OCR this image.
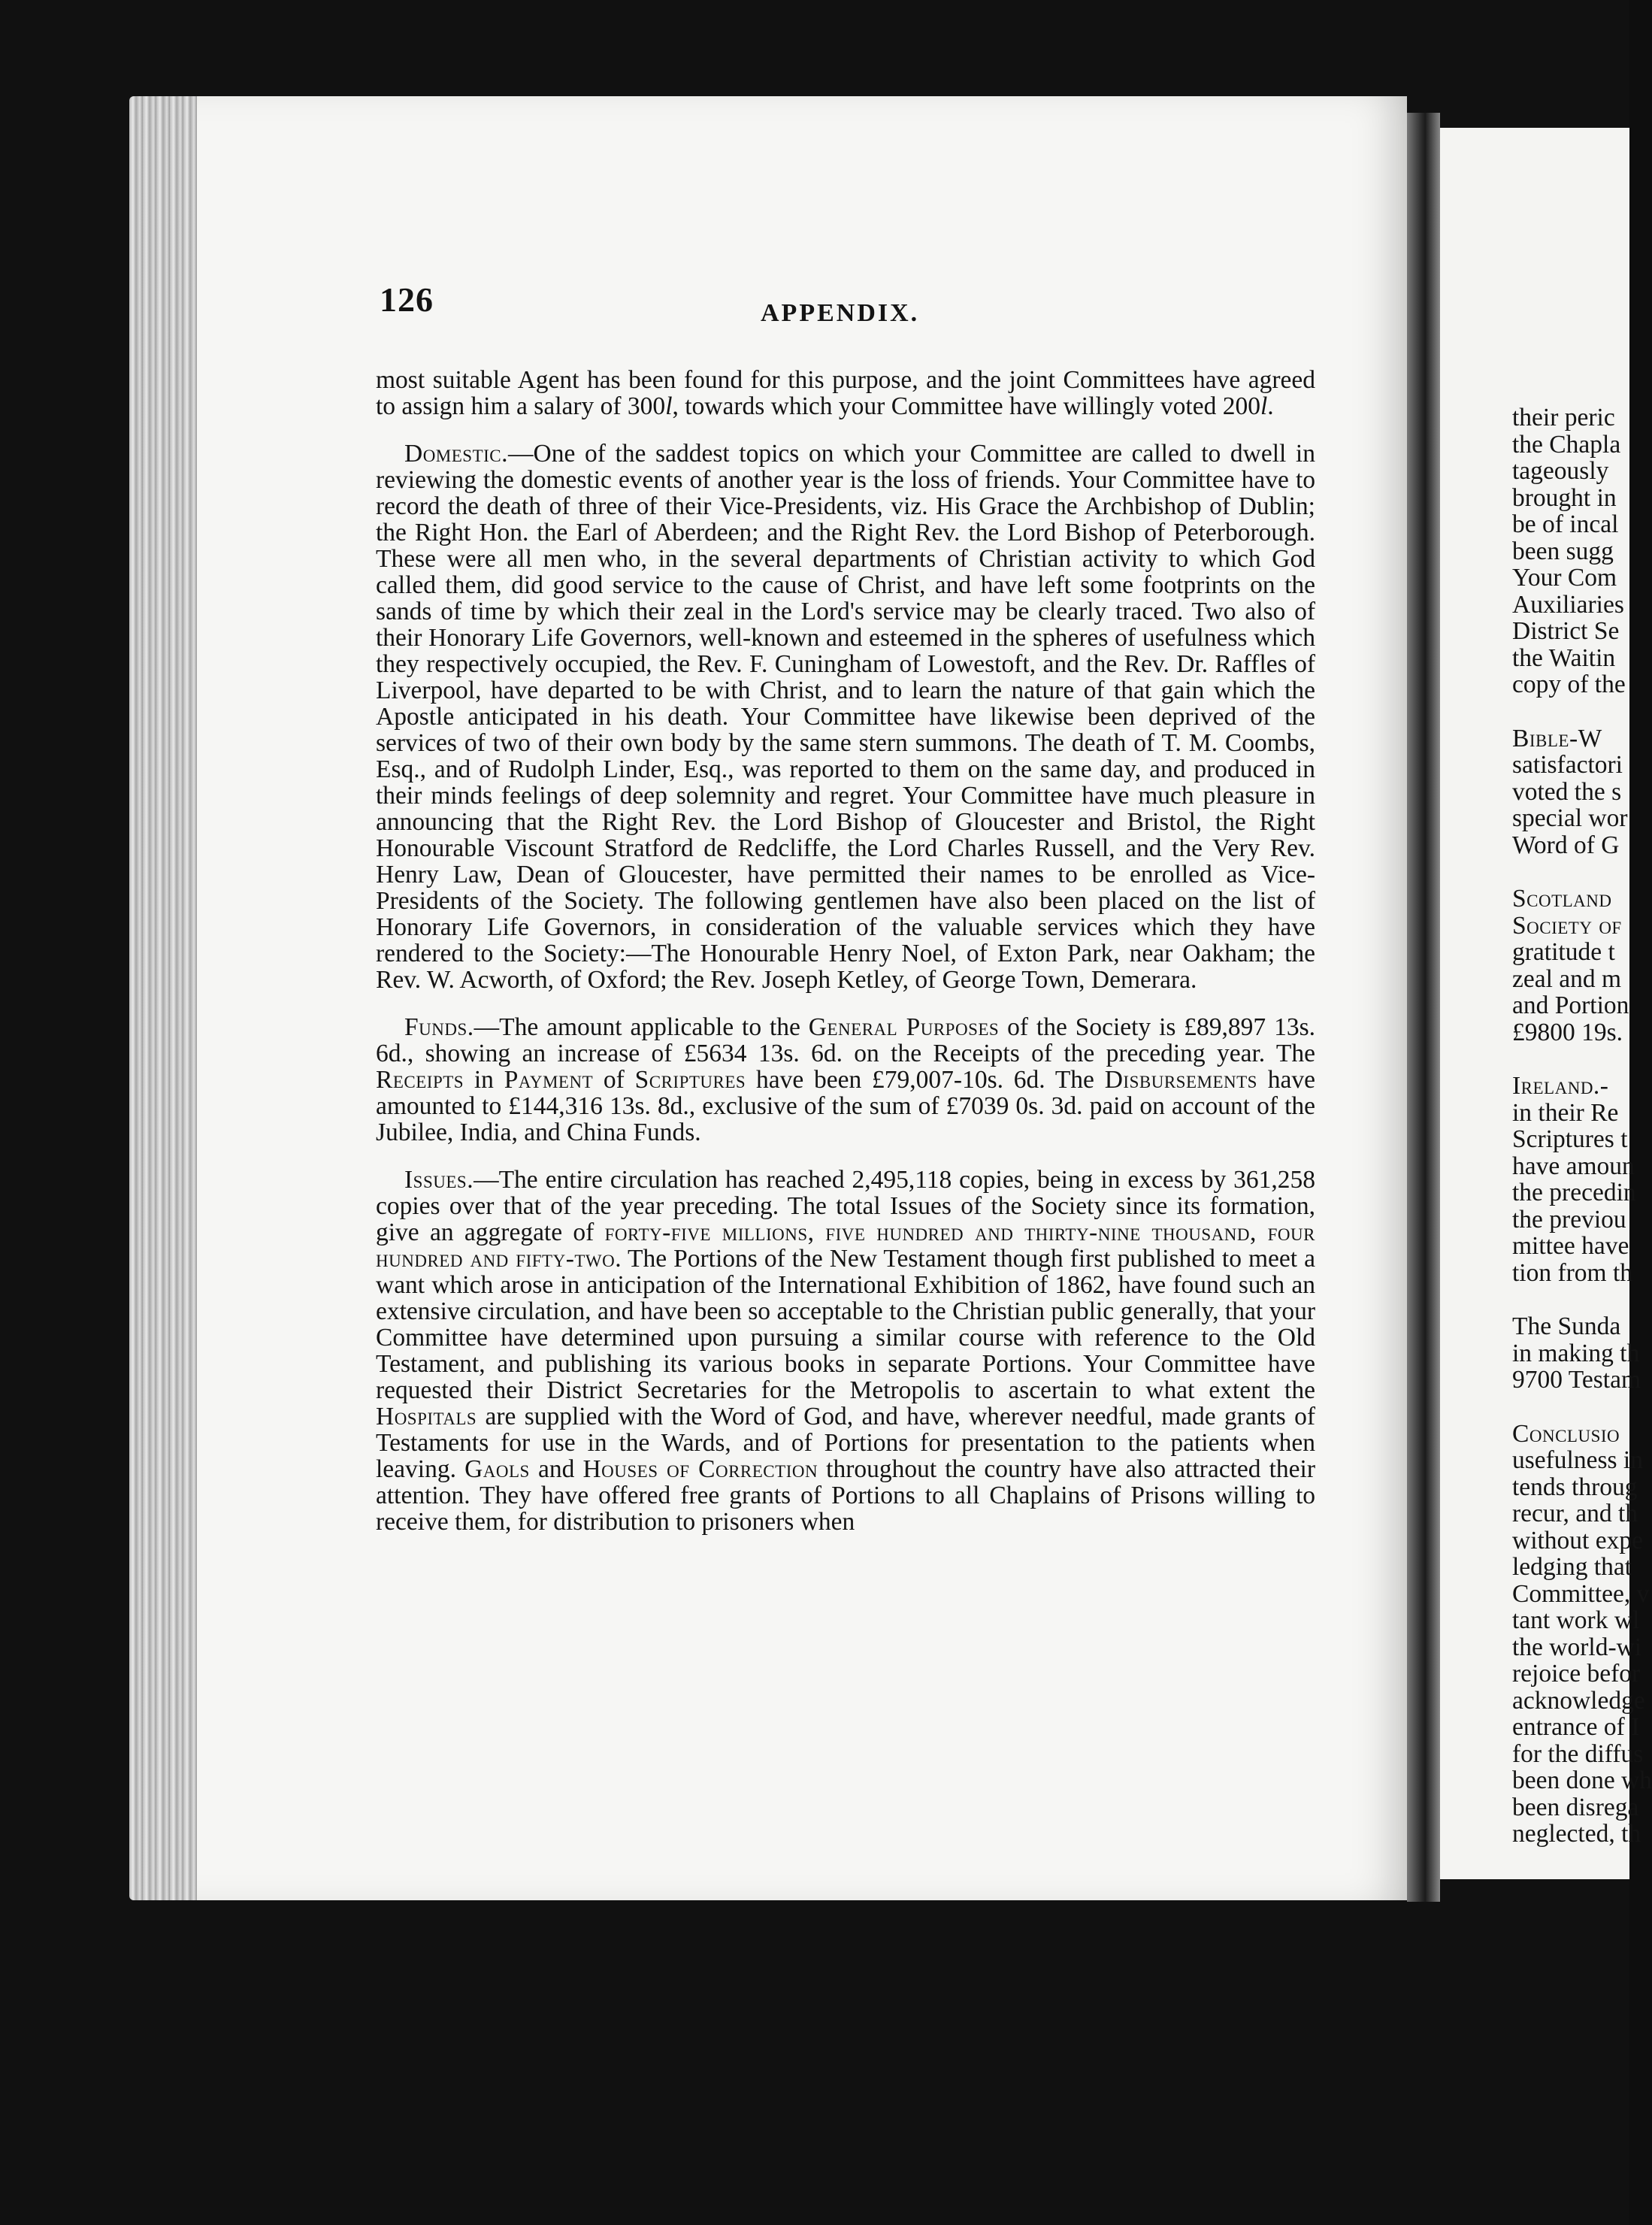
126	APPENDIX.

most suitable Agent has been found for this purpose, and the joint Committees have agreed to assign him a salary of 300l, towards which your Committee have willingly voted 200l.

Domestic.—One of the saddest topics on which your Committee are called to dwell in reviewing the domestic events of another year is the loss of friends. Your Committee have to record the death of three of their Vice-Presidents, viz. His Grace the Archbishop of Dublin; the Right Hon. the Earl of Aberdeen; and the Right Rev. the Lord Bishop of Peterborough. These were all men who, in the several departments of Christian activity to which God called them, did good service to the cause of Christ, and have left some footprints on the sands of time by which their zeal in the Lord's service may be clearly traced. Two also of their Honorary Life Governors, well-known and esteemed in the spheres of usefulness which they respectively occupied, the Rev. F. Cuningham of Lowestoft, and the Rev. Dr. Raffles of Liverpool, have departed to be with Christ, and to learn the nature of that gain which the Apostle anticipated in his death. Your Committee have likewise been deprived of the services of two of their own body by the same stern summons. The death of T. M. Coombs, Esq., and of Rudolph Linder, Esq., was reported to them on the same day, and produced in their minds feelings of deep solemnity and regret. Your Committee have much pleasure in announcing that the Right Rev. the Lord Bishop of Gloucester and Bristol, the Right Honourable Viscount Stratford de Redcliffe, the Lord Charles Russell, and the Very Rev. Henry Law, Dean of Gloucester, have permitted their names to be enrolled as Vice-Presidents of the Society. The following gentlemen have also been placed on the list of Honorary Life Governors, in consideration of the valuable services which they have rendered to the Society:—The Honourable Henry Noel, of Exton Park, near Oakham; the Rev. W. Acworth, of Oxford; the Rev. Joseph Ketley, of George Town, Demerara.

Funds.—The amount applicable to the General Purposes of the Society is £89,897 13s. 6d., showing an increase of £5634 13s. 6d. on the Receipts of the preceding year. The Receipts in Payment of Scriptures have been £79,007-10s. 6d. The Disbursements have amounted to £144,316 13s. 8d., exclusive of the sum of £7039 0s. 3d. paid on account of the Jubilee, India, and China Funds.

Issues.—The entire circulation has reached 2,495,118 copies, being in excess by 361,258 copies over that of the year preceding. The total Issues of the Society since its formation, give an aggregate of forty-five millions, five hundred and thirty-nine thousand, four hundred and fifty-two. The Portions of the New Testament though first published to meet a want which arose in anticipation of the International Exhibition of 1862, have found such an extensive circulation, and have been so acceptable to the Christian public generally, that your Committee have determined upon pursuing a similar course with reference to the Old Testament, and publishing its various books in separate Portions. Your Committee have requested their District Secretaries for the Metropolis to ascertain to what extent the Hospitals are supplied with the Word of God, and have, wherever needful, made grants of Testaments for use in the Wards, and of Portions for presentation to the patients when leaving. Gaols and Houses of Correction throughout the country have also attracted their attention. They have offered free grants of Portions to all Chaplains of Prisons willing to receive them, for distribution to prisoners when

their peric
the Chapla
tageously
brought in
be of incal
been sugg
Your Com
Auxiliaries
District Se
the Waitin
copy of the
Bible-W
satisfactori
voted the s
special wor
Word of G
Scotland
Society of
gratitude t
zeal and m
and Portion
£9800 19s.
Ireland.-
in their Re
Scriptures t
have amoun
the precedin
the previou
mittee have
tion from th
The Sunda
in making th
9700 Testam
Conclusio
usefulness in
tends throug
recur, and th
without expe
ledging that
Committee, v
tant work wl
the world-wi
rejoice befor
acknowledge
entrance of I
for the diffus
been done wh
been disrega
neglected, th
